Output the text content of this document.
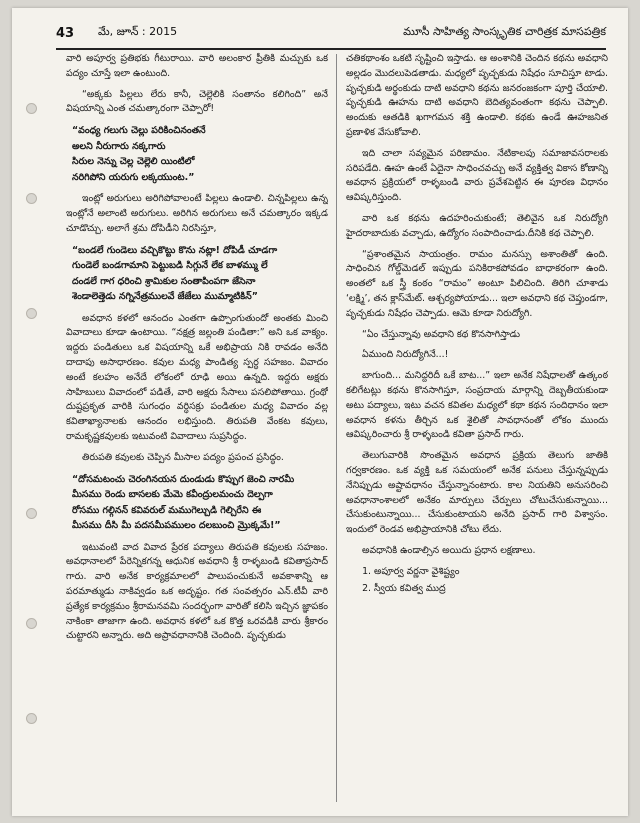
43	మే, జూన్ : 2015	మూసీ సాహిత్య సాంస్కృతిక చారిత్రక మాసపత్రిక

వారి అపూర్వ ప్రతిభకు గీటురాయి. వారి అలంకార ప్రీతికి మచ్చుకు ఒక పద్యం చూస్తే ఇలా ఉంటుంది.

“అక్కకు పిల్లలు లేరు కానీ, చెల్లెలికి సంతానం కలిగింది” అనే విషయాన్ని ఎంత చమత్కారంగా చెప్పారో!

“వంధ్య గలుగు చెల్లు పరికించినంతనే
అలని నీరుగారు నక్కగారు
సిరుల నెన్ను చెల్ల చెల్లెలి యింటిలో
నరిగిపోని యరుగు లక్కయుంట.”

ఇంట్లో అరుగులు అరిగిపోవాలంటే పిల్లలు ఉండాలి. చిన్నపిల్లలు ఉన్న ఇంట్లోనే అలాంటి అరుగులు. అరిగిన అరుగులు అనే చమత్కారం ఇక్కడ చూడొచ్చు. అలాగే శ్రమ దోపిడీని నిరసిస్తూ,

“బండలే గుండెలు వచ్చికొట్టు కొను నట్లా! దోపిడీ చూడగా
గుండెలే బండగామాని పెట్టుబడి సిగ్గునే లేక బాళమ్ము లే
దండలే గాగ ధరించి శ్రామికుల సంతాపింపగా జేసెనా
శెండాలెత్తెడు నగ్నినేత్రములవే జేజేలు ముమ్మాటికిన్”

అవధాన కళలో ఆనందం ఎంతగా ఉప్పొంగుతుందో అంతకు మించి వివాదాలు కూడా ఉంటాయి. “నక్షత్ర జల్లంతి పండితా:” అని ఒక వాక్యం. ఇద్దరు పండితులు ఒక విషయాన్ని ఒకే అభిప్రాయ నికి రావడం అనేది దాదాపు అసాధారణం. కవుల మధ్య పాండిత్య స్పర్ధ సహజం. వివాదం అంటే కలహం అనేదే లోకంలో రూఢి అయి ఉన్నది. ఇద్దరు అక్షరు సాహిబులు వివాదంలో పడితే, వారి అక్షరు సేసాలు పసలిపోతాయి. గ్రంథో దుష్టప్రకృత వారికి సుగంధం వర్ధిసక్రు పండితుల మధ్య వివాదం వల్ల కవితాఖ్యానాలకు ఆనందం లభిస్తుంది. తిరుపతి వేంకట కవులు, రామకృష్ణకవులకు ఇటువంటి వివాదాలు సుప్రసిద్ధం.

తిరుపతి కవులకు చెప్పిన మీసాల పద్యం ప్రపంచ ప్రసిద్ధం.

“దోసమటంచు చెరంగినయన దుండుడు కొప్పుగ జెంచి నారమీ
మీసము రెండు బాసలకు మేమె కవీంద్రులమంచు దెల్పగా
రోసము గల్గినన్ కవివరుల్ మముగెల్చుడి గెల్చిరేని ఈ
మీసము దీసి మీ పదసమీపములం దలబుంచి మ్రొక్కమే!”

ఇటువంటి వాద వివాద ప్రేరక పద్యాలు తిరుపతి కవులకు సహజం. అవధానాలలో పేరెన్నికగన్న ఆధునిక అవధాని శ్రీ రాళ్ళబండి కవితాప్రసాద్ గారు. వారి అనేక కార్యక్రమాలలో పాలుపంచుకునే అవకాశాన్ని ఆ పరమాత్ముడు నాకివ్వడం ఒక అదృష్టం. గత సంవత్సరం ఎన్.టీవీ వారి ప్రత్యేక కార్యక్రమం శ్రీరామనవమి సందర్భంగా వారితో కలిసి ఇచ్చిన జ్ఞాపకం నాకింకా తాజాగా ఉంది. అవధాన కళలో ఒక కొత్త ఒరవడికి వారు శ్రీకారం చుట్టారని అన్నారు. అది అప్రావధానానికి చెందింది. పృచ్ఛకుడు

చతికథాంశం ఒకటి సృష్టించి ఇస్తాడు. ఆ అంశానికి చెందిన కథను అవధాని అల్లడం మొదలుపెడతాడు. మధ్యలో పృచ్ఛకుడు నిషేధం సూచిస్తూ టాడు. పృచ్ఛకుడి అర్థంకుడు దాటి అవధాని కథను జనరంజకంగా పూర్తి చేయాలి. పృచ్ఛకుడి ఊహను దాటి అవధాని బెదిత్యవంతంగా కథను చెప్పాలి. అందుకు ఆతడికి ఖగాగమన శక్తి ఉండాలి. కథకు ఉండే ఊహజనిత ప్రణాళిక వేసుకోవాలి.

ఇది చాలా సవ్యమైన పరిణామం. నేటికాలపు సమాజావసరాలకు సరిపడేది. ఊహ ఉంటే ఏదైనా సాధించవచ్చు అనే వ్యక్తిత్వ వికాస కోణాన్ని అవధాన ప్రక్రియలో రాళ్ళబండి వారు ప్రవేశపెట్టిన ఈ పూరణ విధానం ఆవిష్కరిస్తుంది.

వారి ఒక కథను ఉదహరించుకుంటే; తెలివైన ఒక నిరుద్యోగి హైదరాబాదుకు వచ్చాడు, ఉద్యోగం సంపాదించాడు.దీనికి కథ చెప్పాలి.

“ప్రశాంతమైన సాయంత్రం. రామం మనస్సు అశాంతితో ఉంది. సాధించిన గోల్డ్‌మెడల్ ఇప్పుడు పనికిరాకపోవడం బాధాకరంగా ఉంది. అంతలో ఒక స్త్రీ కంఠం “రామం” అంటూ పిలిచింది. తిరిగి చూశాడు ‘లక్ష్మి’, తన క్లాస్‌మేట్. ఆశ్చర్యపోయాడు... ఇలా అవధాని కథ చెప్తుండగా, పృచ్ఛకుడు నిషేధం చెప్పాడు. ఆమె కూడా నిరుద్యోగి.

“ఏం చేస్తున్నావు అవధాని కథ కొనసాగిస్తాడు

ఏముంది నిరుద్యోగినే...!

బాగుంది... మనిద్దరిదీ ఒకే బాట...” ఇలా అనేక నిషేధాలతో ఉత్కంఠ కలిగేటట్లు కథను కొనసాగిస్తూ, సంప్రదాయ మార్గాన్ని దెబ్బతీయకుండా అటు పద్యాలు, ఇటు వచన కవితల మధ్యలో కథా కథన సందిధానం ఇలా అవధాన కళను తీర్చిన ఒక శైలితో సావధానంతో లోకం ముందు ఆవిష్కరించారు శ్రీ రాళ్ళబండి కవితా ప్రసాద్ గారు.

తెలుగువారికి సొంతమైన అవధాన ప్రక్రియ తెలుగు జాతికి గర్వకారణం. ఒక వ్యక్తి ఒక సమయంలో అనేక పనులు చేస్తున్నప్పుడు నేనిప్పుడు అష్టావధానం చేస్తున్నానంటారు. కాల నియతిని అనుసరించి అవధానాంశాలలో అనేకం మార్పులు చేర్పులు చోటుచేసుకున్నాయి... చేసుకుంటున్నాయి... చేసుకుంటాయని అనేది ప్రసాద్ గారి విశ్వాసం. ఇందులో రెండవ అభిప్రాయానికి చోటు లేదు.

అవధానికి ఉండాల్సిన అయిదు ప్రధాన లక్షణాలు.

1. అపూర్వ వర్ణనా వైశిష్ట్యం
2. స్వీయ కవిత్వ ముద్ర
